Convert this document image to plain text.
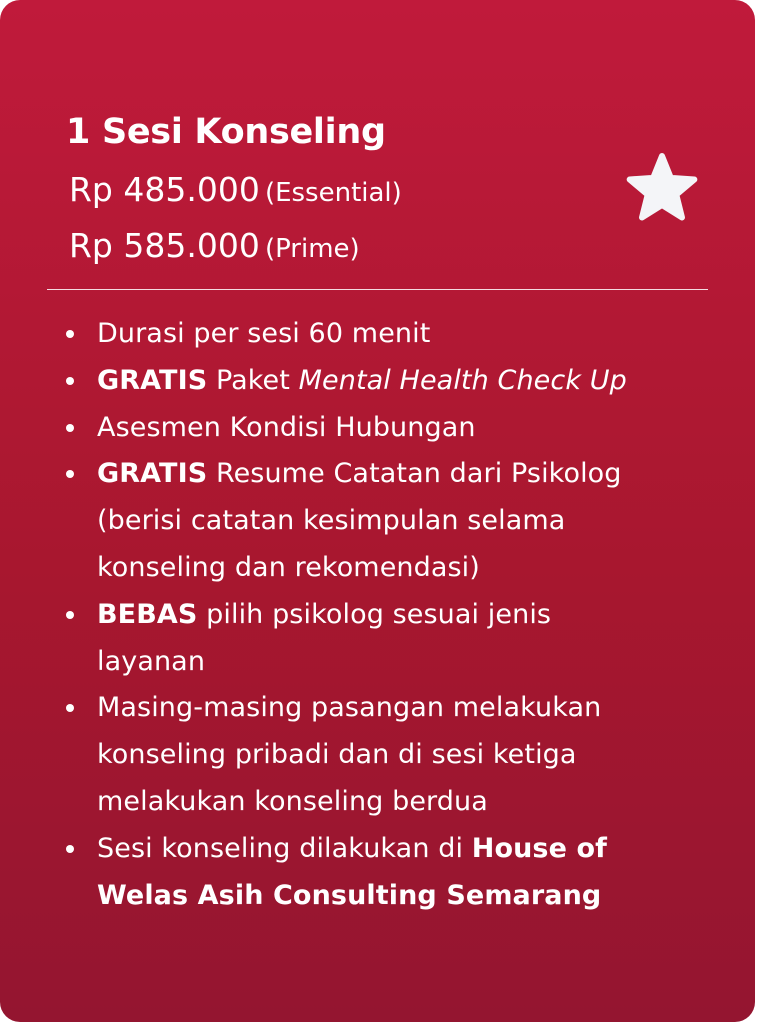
1 Sesi Konseling
Rp 485.000 (Essential)
Rp 585.000 (Prime)
Durasi per sesi 60 menit
GRATIS Paket Mental Health Check Up
Asesmen Kondisi Hubungan
GRATIS Resume Catatan dari Psikolog
(berisi catatan kesimpulan selama
konseling dan rekomendasi)
BEBAS pilih psikolog sesuai jenis
layanan
Masing-masing pasangan melakukan
konseling pribadi dan di sesi ketiga
melakukan konseling berdua
Sesi konseling dilakukan di House of
Welas Asih Consulting Semarang
